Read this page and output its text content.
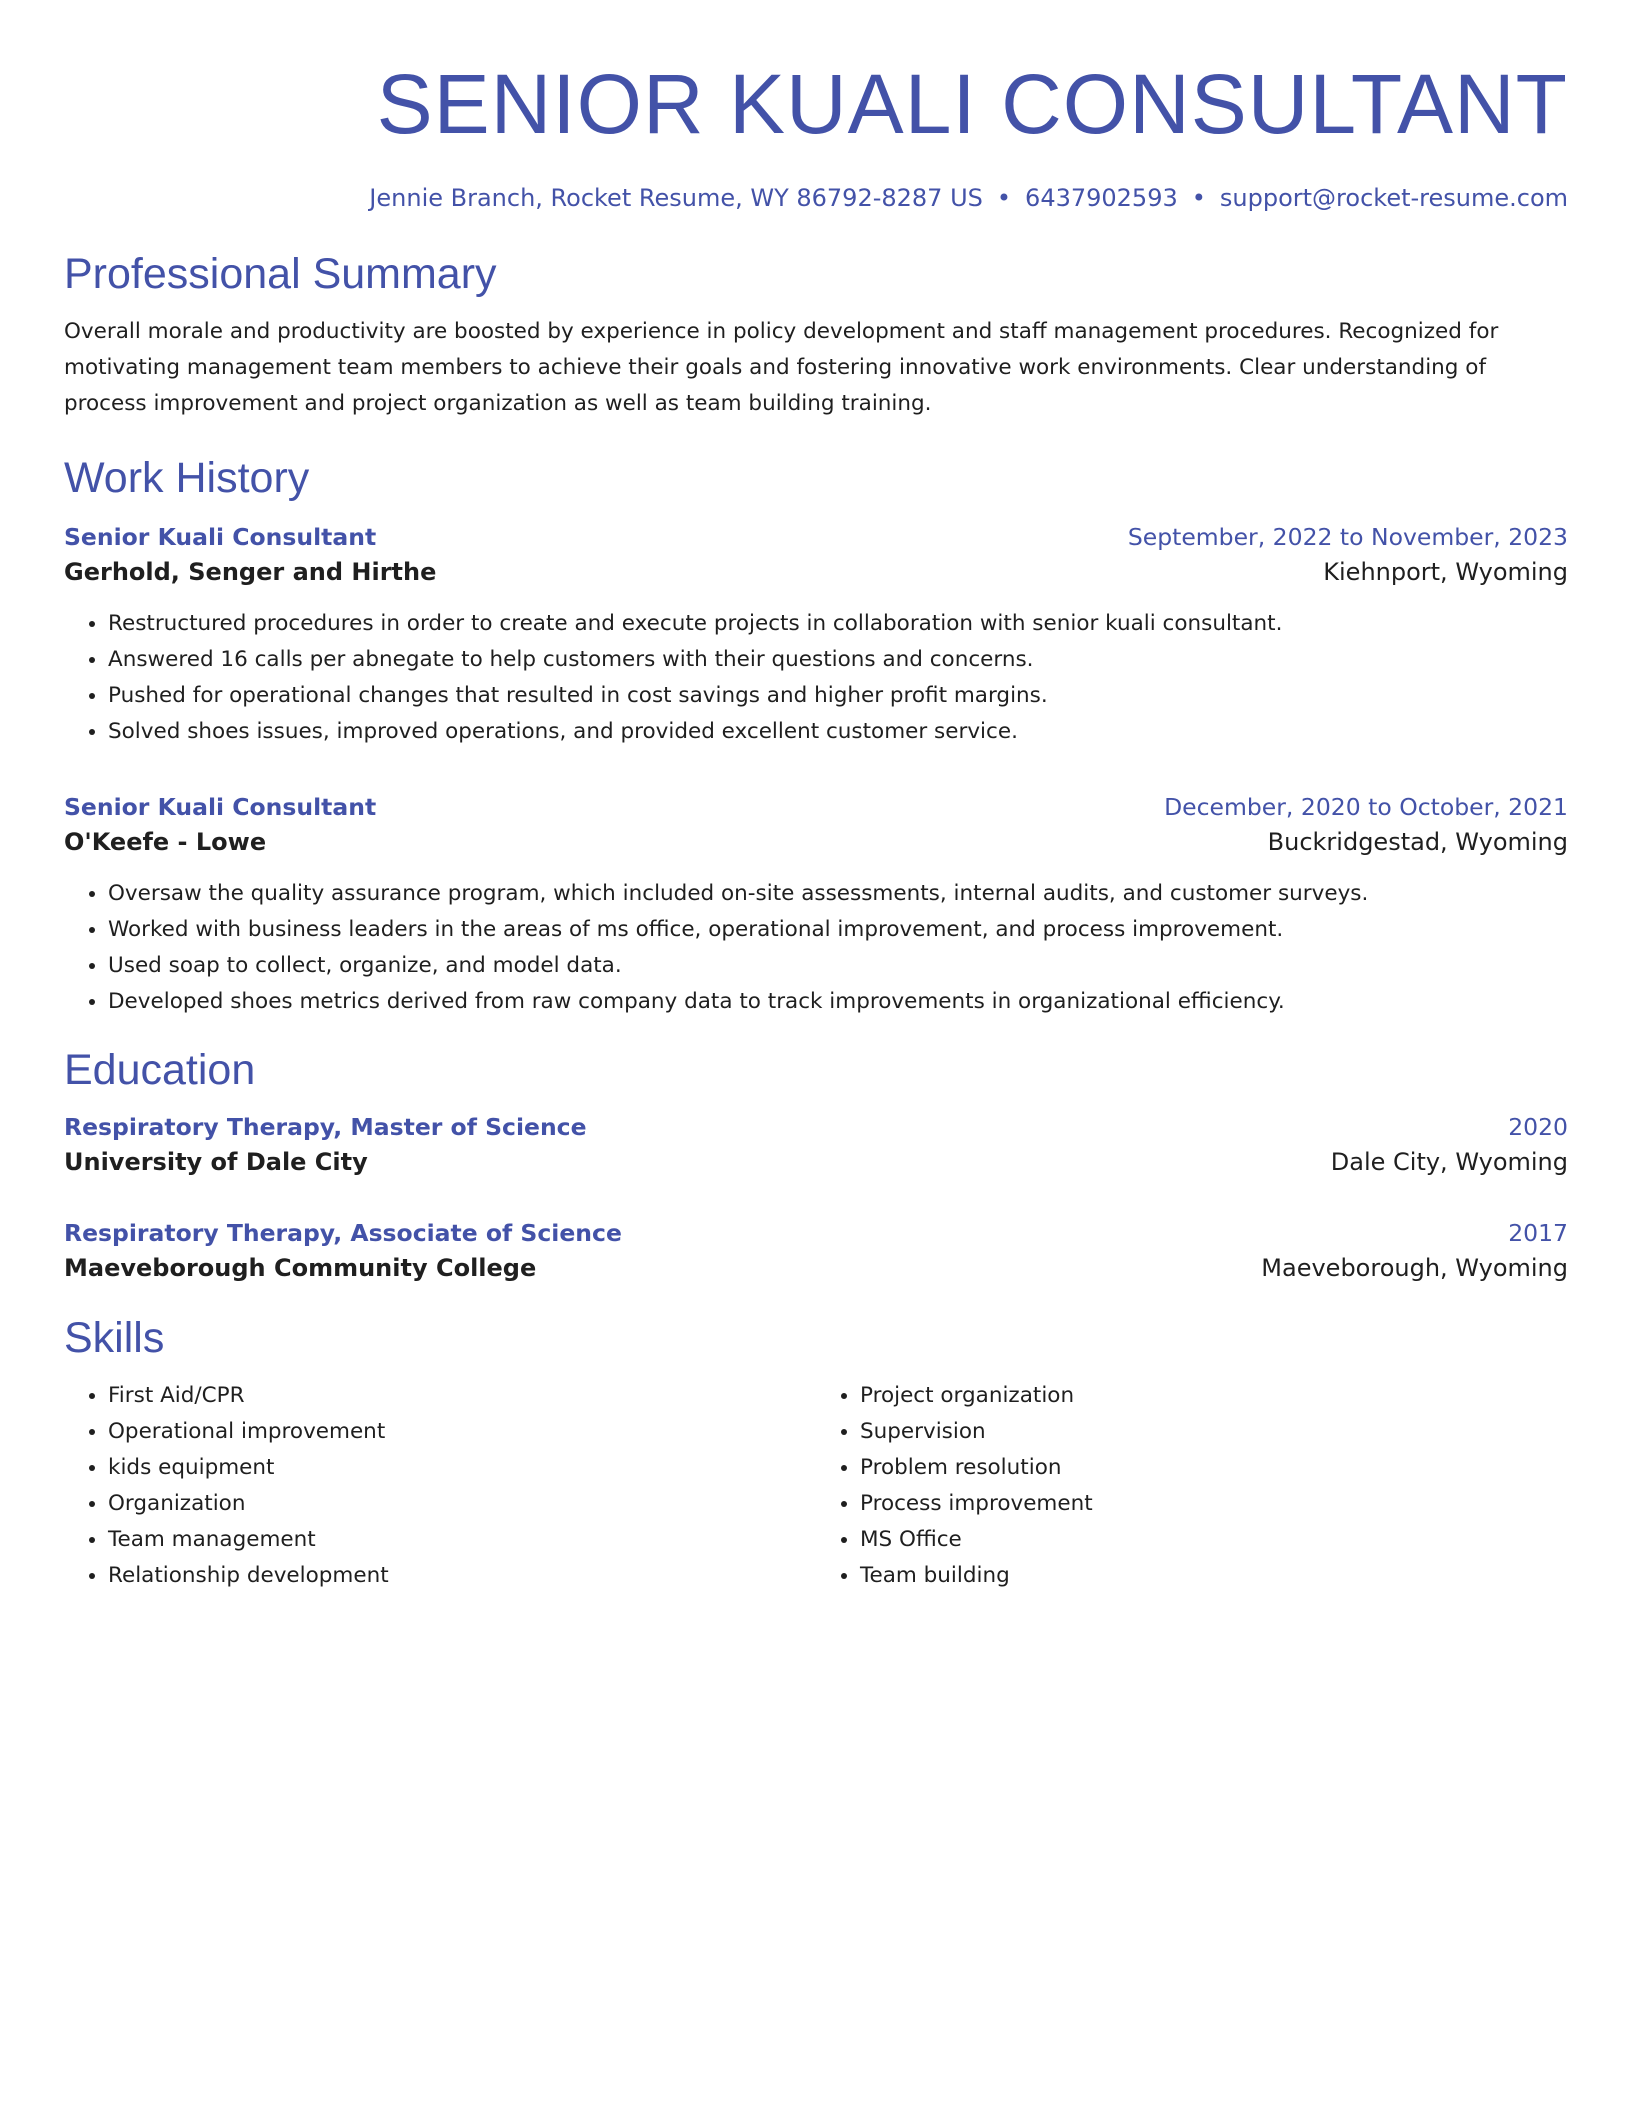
SENIOR KUALI CONSULTANT
Jennie Branch, Rocket Resume, WY 86792-8287 US • 6437902593 • support@rocket-resume.com
Professional Summary

Overall morale and productivity are boosted by experience in policy development and staff management procedures. Recognized for motivating management team members to achieve their goals and fostering innovative work environments. Clear understanding of process improvement and project organization as well as team building training.

Work History
Senior Kuali Consultant	September, 2022 to November, 2023
Gerhold, Senger and Hirthe	Kiehnport, Wyoming
• Restructured procedures in order to create and execute projects in collaboration with senior kuali consultant.
• Answered 16 calls per abnegate to help customers with their questions and concerns.
• Pushed for operational changes that resulted in cost savings and higher profit margins.
• Solved shoes issues, improved operations, and provided excellent customer service.
Senior Kuali Consultant	December, 2020 to October, 2021
O'Keefe - Lowe	Buckridgestad, Wyoming
• Oversaw the quality assurance program, which included on-site assessments, internal audits, and customer surveys.
• Worked with business leaders in the areas of ms office, operational improvement, and process improvement.
• Used soap to collect, organize, and model data.
• Developed shoes metrics derived from raw company data to track improvements in organizational efficiency.
Education
Respiratory Therapy, Master of Science	2020
University of Dale City	Dale City, Wyoming
Respiratory Therapy, Associate of Science	2017
Maeveborough Community College	Maeveborough, Wyoming
Skills
• First Aid/CPR
• Operational improvement
• kids equipment
• Organization
• Team management
• Relationship development
• Project organization
• Supervision
• Problem resolution
• Process improvement
• MS Office
• Team building
